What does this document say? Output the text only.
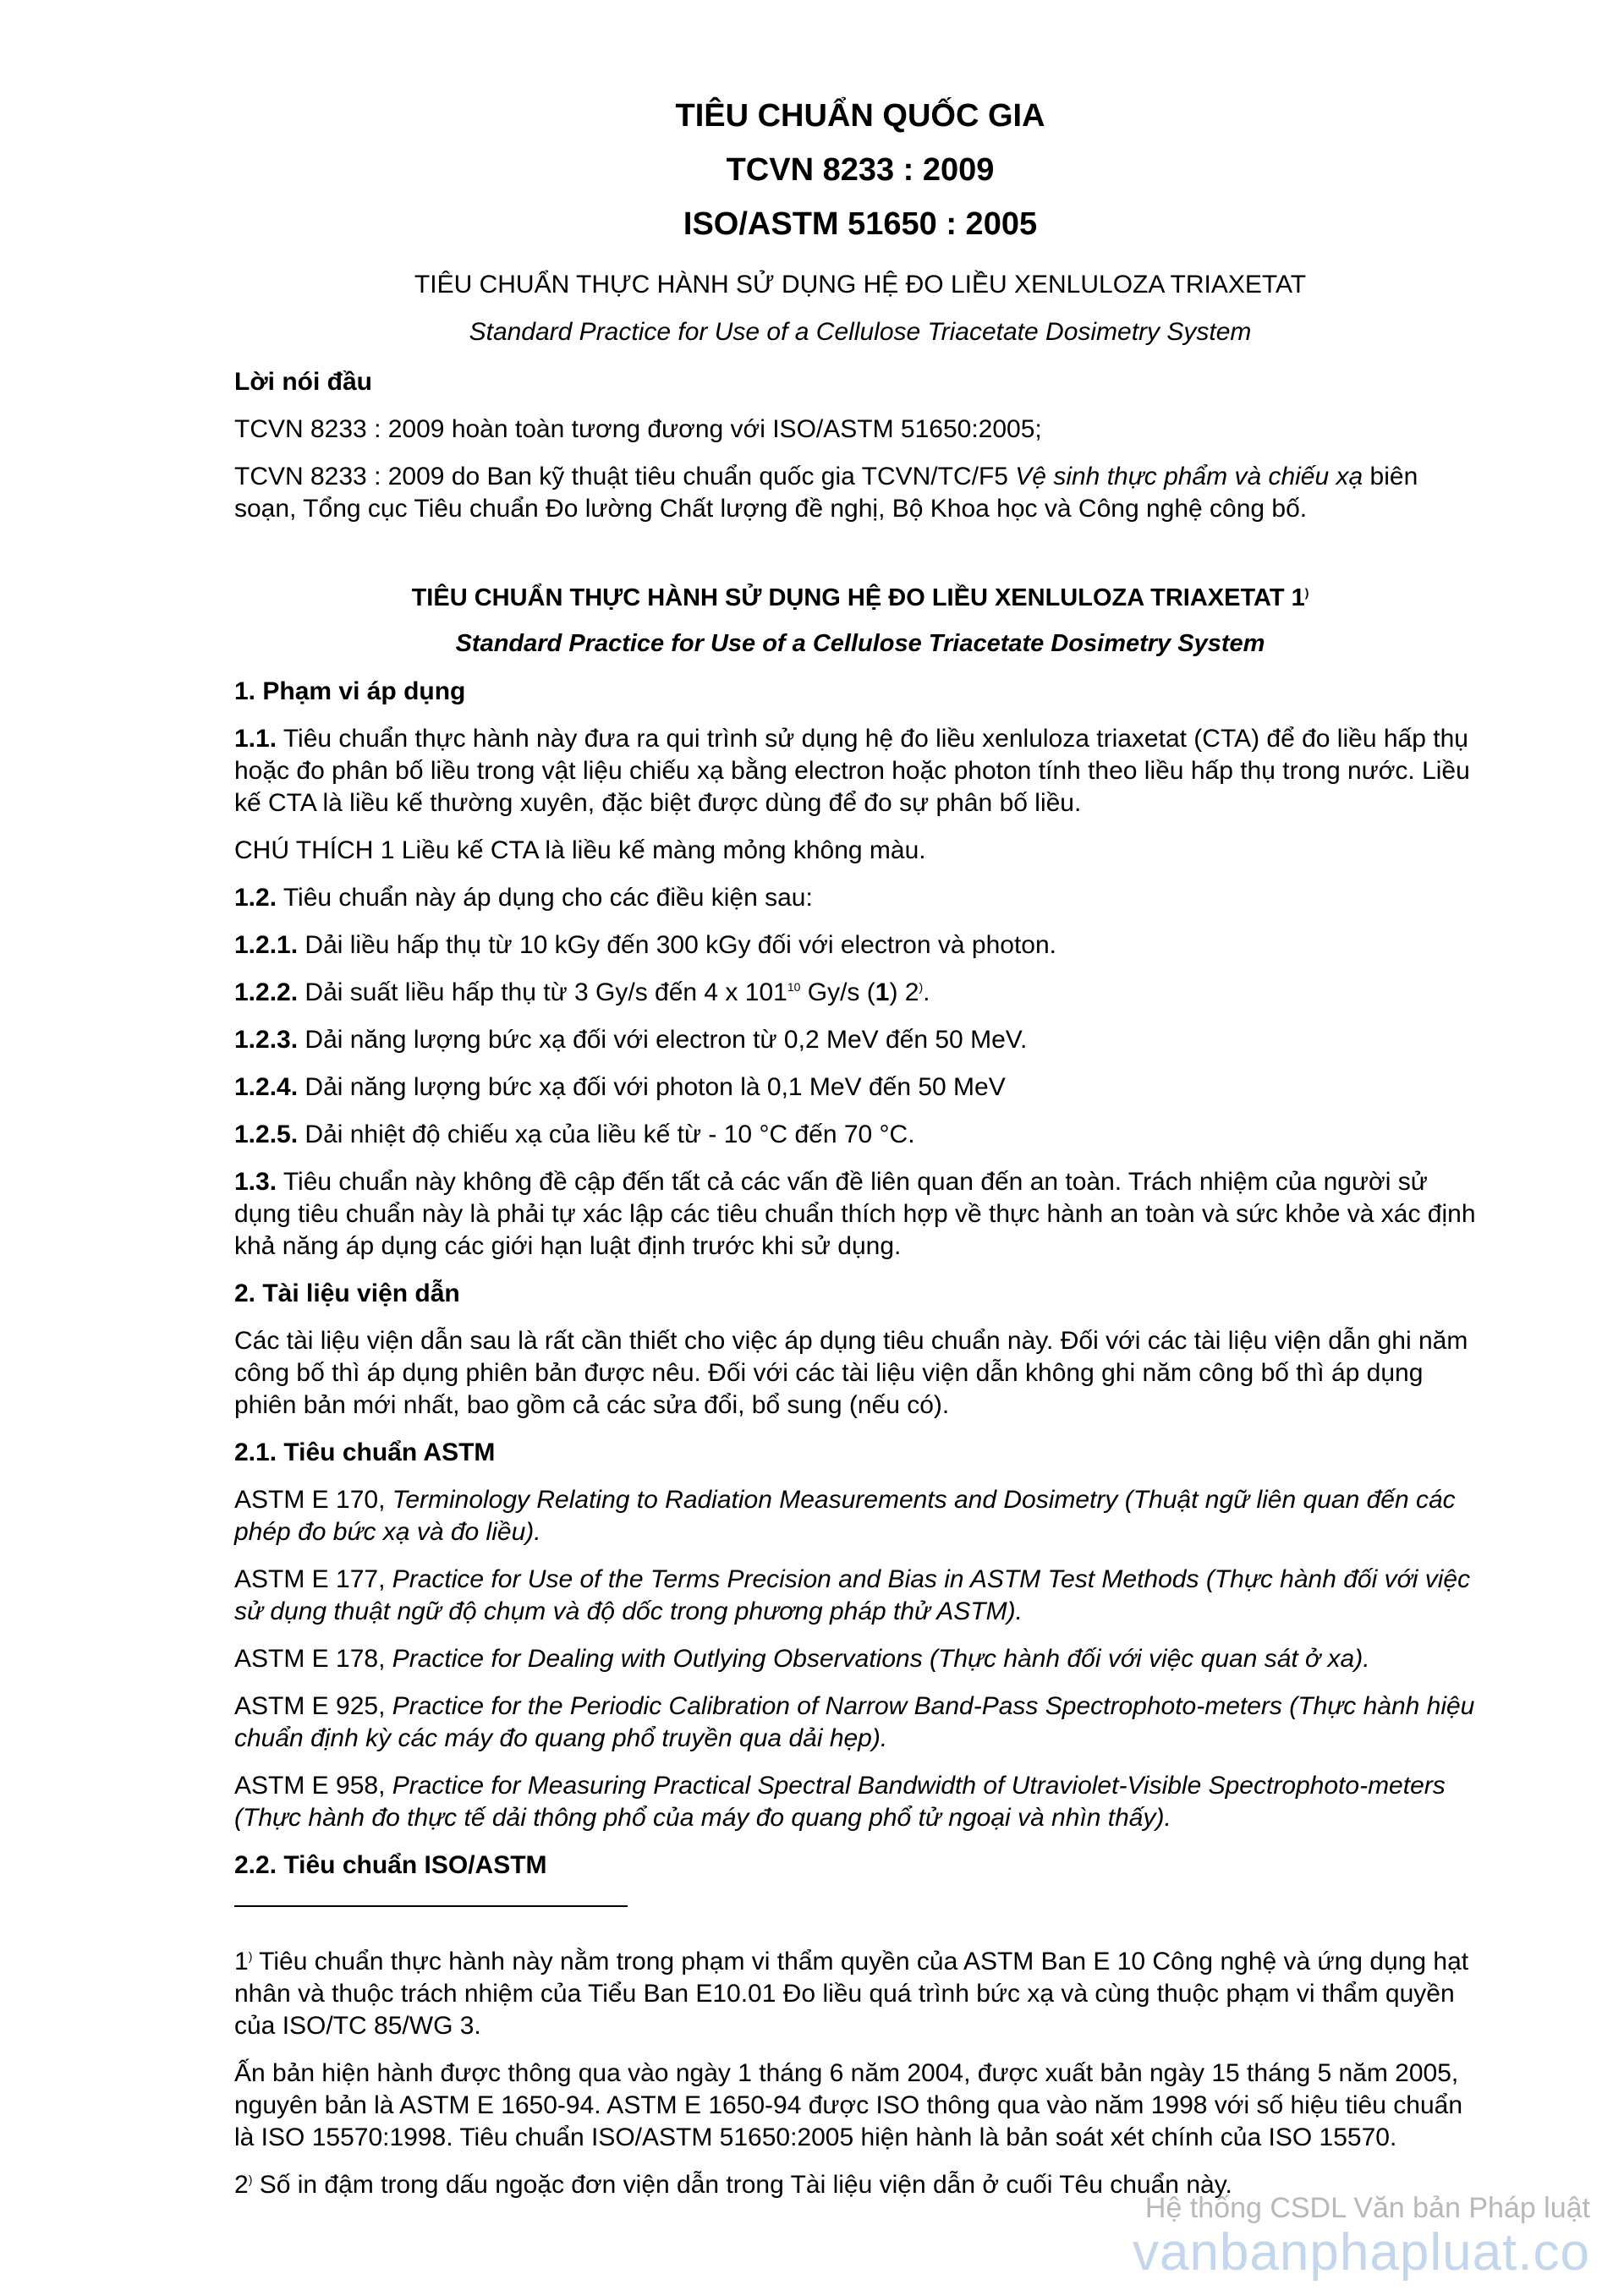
TIÊU CHUẨN QUỐC GIA

TCVN 8233 : 2009

ISO/ASTM 51650 : 2005

TIÊU CHUẨN THỰC HÀNH SỬ DỤNG HỆ ĐO LIỀU XENLULOZA TRIAXETAT

Standard Practice for Use of a Cellulose Triacetate Dosimetry System

Lời nói đầu

TCVN 8233 : 2009 hoàn toàn tương đương với ISO/ASTM 51650:2005;

TCVN 8233 : 2009 do Ban kỹ thuật tiêu chuẩn quốc gia TCVN/TC/F5 Vệ sinh thực phẩm và chiếu xạ biên soạn, Tổng cục Tiêu chuẩn Đo lường Chất lượng đề nghị, Bộ Khoa học và Công nghệ công bố.

TIÊU CHUẨN THỰC HÀNH SỬ DỤNG HỆ ĐO LIỀU XENLULOZA TRIAXETAT 1)

Standard Practice for Use of a Cellulose Triacetate Dosimetry System

1. Phạm vi áp dụng

1.1. Tiêu chuẩn thực hành này đưa ra qui trình sử dụng hệ đo liều xenluloza triaxetat (CTA) để đo liều hấp thụ hoặc đo phân bố liều trong vật liệu chiếu xạ bằng electron hoặc photon tính theo liều hấp thụ trong nước. Liều kế CTA là liều kế thường xuyên, đặc biệt được dùng để đo sự phân bố liều.

CHÚ THÍCH 1 Liều kế CTA là liều kế màng mỏng không màu.

1.2. Tiêu chuẩn này áp dụng cho các điều kiện sau:

1.2.1. Dải liều hấp thụ từ 10 kGy đến 300 kGy đối với electron và photon.

1.2.2. Dải suất liều hấp thụ từ 3 Gy/s đến 4 x $101^{10}$ Gy/s (1) 2).

1.2.3. Dải năng lượng bức xạ đối với electron từ 0,2 MeV đến 50 MeV.

1.2.4. Dải năng lượng bức xạ đối với photon là 0,1 MeV đến 50 MeV

1.2.5. Dải nhiệt độ chiếu xạ của liều kế từ - 10 °C đến 70 °C.

1.3. Tiêu chuẩn này không đề cập đến tất cả các vấn đề liên quan đến an toàn. Trách nhiệm của người sử dụng tiêu chuẩn này là phải tự xác lập các tiêu chuẩn thích hợp về thực hành an toàn và sức khỏe và xác định khả năng áp dụng các giới hạn luật định trước khi sử dụng.

2. Tài liệu viện dẫn

Các tài liệu viện dẫn sau là rất cần thiết cho việc áp dụng tiêu chuẩn này. Đối với các tài liệu viện dẫn ghi năm công bố thì áp dụng phiên bản được nêu. Đối với các tài liệu viện dẫn không ghi năm công bố thì áp dụng phiên bản mới nhất, bao gồm cả các sửa đổi, bổ sung (nếu có).

2.1. Tiêu chuẩn ASTM

ASTM E 170, Terminology Relating to Radiation Measurements and Dosimetry (Thuật ngữ liên quan đến các phép đo bức xạ và đo liều).

ASTM E 177, Practice for Use of the Terms Precision and Bias in ASTM Test Methods (Thực hành đối với việc sử dụng thuật ngữ độ chụm và độ dốc trong phương pháp thử ASTM).

ASTM E 178, Practice for Dealing with Outlying Observations (Thực hành đối với việc quan sát ở xa).

ASTM E 925, Practice for the Periodic Calibration of Narrow Band-Pass Spectrophoto-meters (Thực hành hiệu chuẩn định kỳ các máy đo quang phổ truyền qua dải hẹp).

ASTM E 958, Practice for Measuring Practical Spectral Bandwidth of Utraviolet-Visible Spectrophoto-meters (Thực hành đo thực tế dải thông phổ của máy đo quang phổ tử ngoại và nhìn thấy).

2.2. Tiêu chuẩn ISO/ASTM

1) Tiêu chuẩn thực hành này nằm trong phạm vi thẩm quyền của ASTM Ban E 10 Công nghệ và ứng dụng hạt nhân và thuộc trách nhiệm của Tiểu Ban E10.01 Đo liều quá trình bức xạ và cùng thuộc phạm vi thẩm quyền của ISO/TC 85/WG 3.

Ấn bản hiện hành được thông qua vào ngày 1 tháng 6 năm 2004, được xuất bản ngày 15 tháng 5 năm 2005, nguyên bản là ASTM E 1650-94. ASTM E 1650-94 được ISO thông qua vào năm 1998 với số hiệu tiêu chuẩn là ISO 15570:1998. Tiêu chuẩn ISO/ASTM 51650:2005 hiện hành là bản soát xét chính của ISO 15570.

2) Số in đậm trong dấu ngoặc đơn viện dẫn trong Tài liệu viện dẫn ở cuối Têu chuẩn này.

Hệ thống CSDL Văn bản Pháp luật
vanbanphapluat.co
